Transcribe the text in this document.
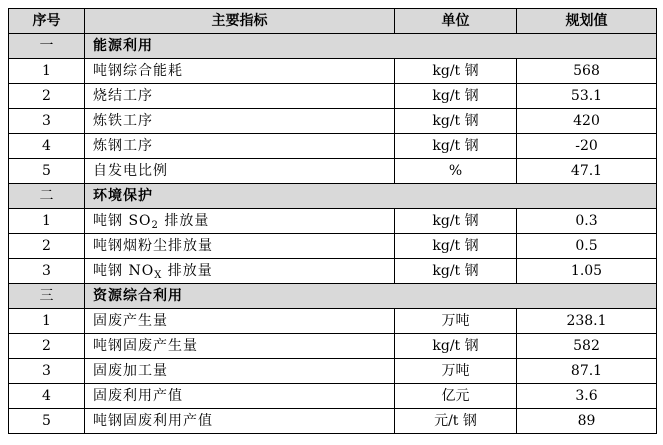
序号	主要指标	单位	规划值
一	能源利用		
1	吨钢综合能耗	kg/t 钢	568
2	烧结工序	kg/t 钢	53.1
3	炼铁工序	kg/t 钢	420
4	炼钢工序	kg/t 钢	-20
5	自发电比例	%	47.1
二	环境保护		
1	吨钢 $SO_2$ 排放量	kg/t 钢	0.3
2	吨钢烟粉尘排放量	kg/t 钢	0.5
3	吨钢 $NO_X$ 排放量	kg/t 钢	1.05
三	资源综合利用		
1	固废产生量	万吨	238.1
2	吨钢固废产生量	kg/t 钢	582
3	固废加工量	万吨	87.1
4	固废利用产值	亿元	3.6
5	吨钢固废利用产值	元/t 钢	89
